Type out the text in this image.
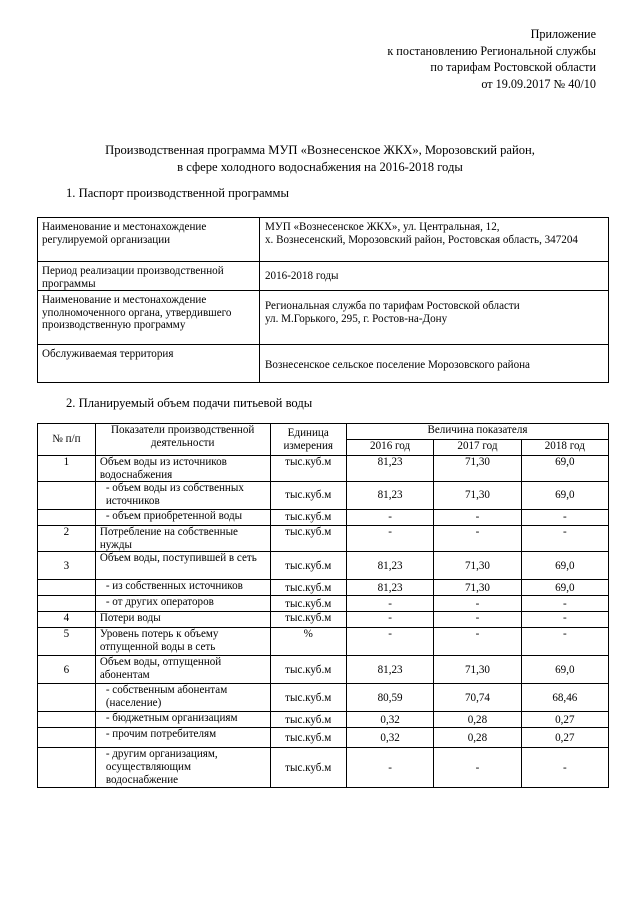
Приложение
к постановлению Региональной службы
по тарифам Ростовской области
от 19.09.2017 № 40/10
Производственная программа МУП «Вознесенское ЖКХ», Морозовский район,
в сфере холодного водоснабжения на 2016-2018 годы
1. Паспорт производственной программы
Наименование и местонахождение регулируемой организации	МУП «Вознесенское ЖКХ», ул. Центральная, 12,
х. Вознесенский, Морозовский район, Ростовская область, 347204

Период реализации производственной программы	2016-2018 годы

Наименование и местонахождение уполномоченного органа, утвердившего производственную программу	Региональная служба по тарифам Ростовской области
ул. М.Горького, 295, г. Ростов-на-Дону

Обслуживаемая территория	Вознесенское сельское поселение Морозовского района
2. Планируемый объем подачи питьевой воды
№ п/п	Показатели производственной деятельности	Единица измерения	Величина показателя		
			2016 год	2017 год	2018 год
1	Объем воды из источников водоснабжения	тыс.куб.м	81,23	71,30	69,0
	- объем воды из собственных источников	тыс.куб.м	81,23	71,30	69,0
	- объем приобретенной воды	тыс.куб.м	-	-	-
2	Потребление на собственные нужды	тыс.куб.м	-	-	-
3	Объем воды, поступившей в сеть	тыс.куб.м	81,23	71,30	69,0
	- из собственных источников	тыс.куб.м	81,23	71,30	69,0
	- от других операторов	тыс.куб.м	-	-	-
4	Потери воды	тыс.куб.м	-	-	-
5	Уровень потерь к объему отпущенной воды в сеть	%	-	-	-
6	Объем воды, отпущенной абонентам	тыс.куб.м	81,23	71,30	69,0
	- собственным абонентам (население)	тыс.куб.м	80,59	70,74	68,46
	- бюджетным организациям	тыс.куб.м	0,32	0,28	0,27
	- прочим потребителям	тыс.куб.м	0,32	0,28	0,27
	- другим организациям, осуществляющим водоснабжение	тыс.куб.м	-	-	-
